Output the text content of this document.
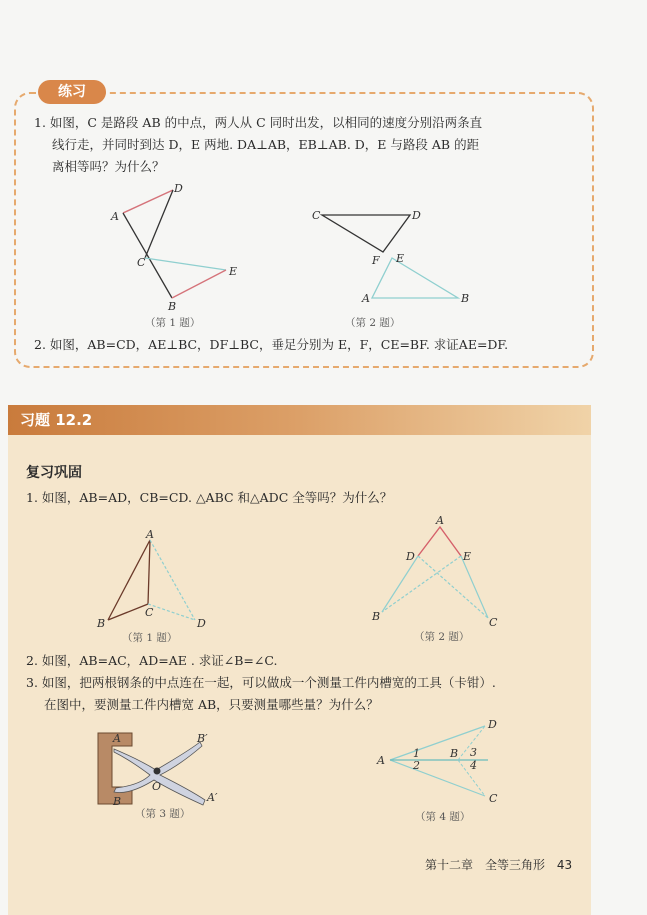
练习
1. 如图，C 是路段 AB 的中点，两人从 C 同时出发，以相同的速度分别沿两条直
线行走，并同时到达 D，E 两地. DA⊥AB，EB⊥AB. D，E 与路段 AB 的距
离相等吗？为什么？
D
A
C
E
B
（第 1 题）
C	D
F E
A	B
（第 2 题）
2. 如图，AB=CD，AE⊥BC，DF⊥BC，垂足分别为 E，F，CE=BF. 求证AE=DF.
习题 12.2
复习巩固
1. 如图，AB=AD，CB=CD. △ABC 和△ADC 全等吗？为什么？
2. 如图，AB=AC，AD=AE . 求证∠B=∠C.
3. 如图，把两根钢条的中点连在一起，可以做成一个测量工件内槽宽的工具（卡钳）.
在图中，要测量工件内槽宽 AB，只要测量哪些量？为什么？
A
B
C
D
（第 1 题）
A
D	E
B	C
（第 2 题）
A
B
B′
A′
O
（第 3 题）
A
B
C
D
1
2
3
4
（第 4 题）
第十二章　全等三角形 43
